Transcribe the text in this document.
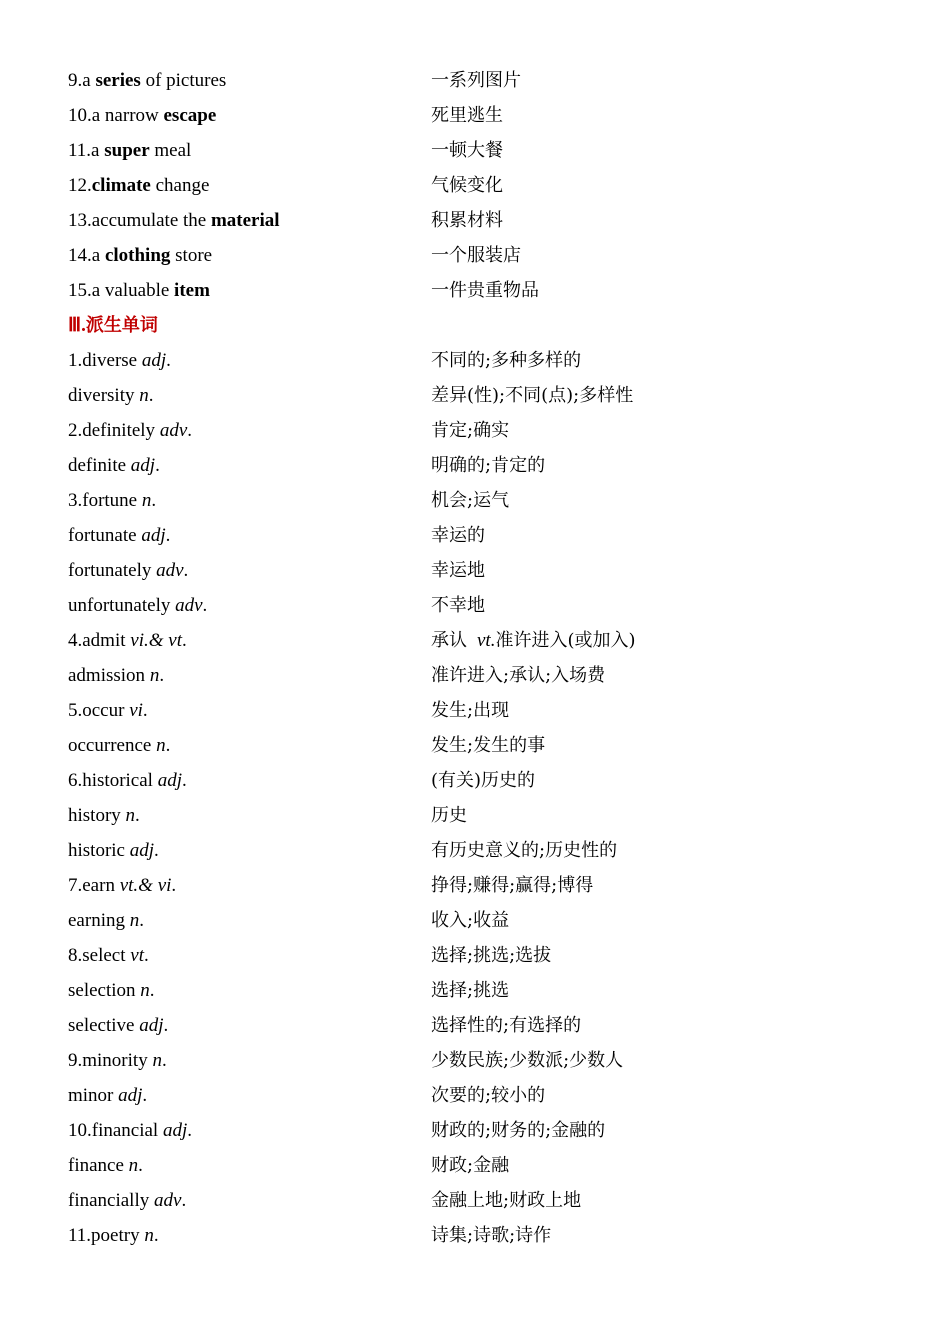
9.a series of pictures	一系列图片
10.a narrow escape	死里逃生
11.a super meal	一顿大餐
12.climate change	气候变化
13.accumulate the material	积累材料
14.a clothing store	一个服装店
15.a valuable item	一件贵重物品
Ⅲ.派生单词
1.diverse adj.	不同的;多种多样的
diversity n.	差异(性);不同(点);多样性
2.definitely adv.	肯定;确实
definite adj.	明确的;肯定的
3.fortune n.	机会;运气
fortunate adj.	幸运的
fortunately adv.	幸运地
unfortunately adv.	不幸地
4.admit vi.& vt.	承认 vt.准许进入(或加入)
admission n.	准许进入;承认;入场费
5.occur vi.	发生;出现
occurrence n.	发生;发生的事
6.historical adj.	(有关)历史的
history n.	历史
historic adj.	有历史意义的;历史性的
7.earn vt.& vi.	挣得;赚得;赢得;博得
earning n.	收入;收益
8.select vt.	选择;挑选;选拔
selection n.	选择;挑选
selective adj.	选择性的;有选择的
9.minority n.	少数民族;少数派;少数人
minor adj.	次要的;较小的
10.financial adj.	财政的;财务的;金融的
finance n.	财政;金融
financially adv.	金融上地;财政上地
11.poetry n.	诗集;诗歌;诗作
